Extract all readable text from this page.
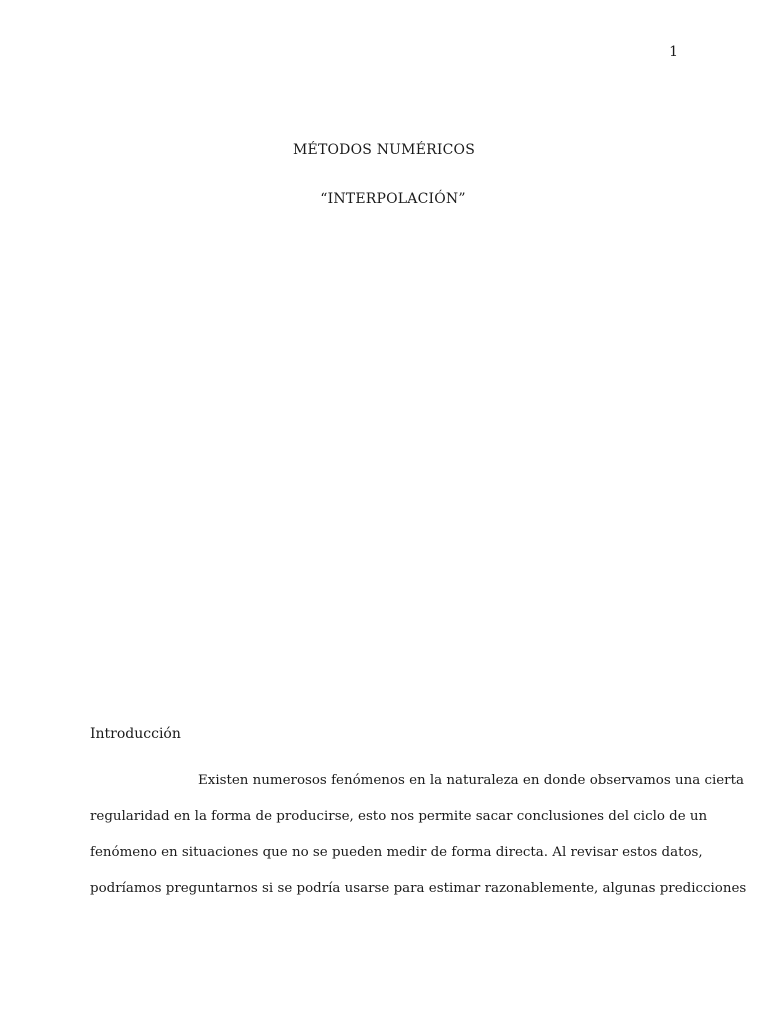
1
MÉTODOS NUMÉRICOS
“INTERPOLACIÓN”
Introducción
Existen numerosos fenómenos en la naturaleza en donde observamos una cierta
regularidad en la forma de producirse, esto nos permite sacar conclusiones del ciclo de un
fenómeno en situaciones que no se pueden medir de forma directa. Al revisar estos datos,
podríamos preguntarnos si se podría usarse para estimar razonablemente, algunas predicciones
